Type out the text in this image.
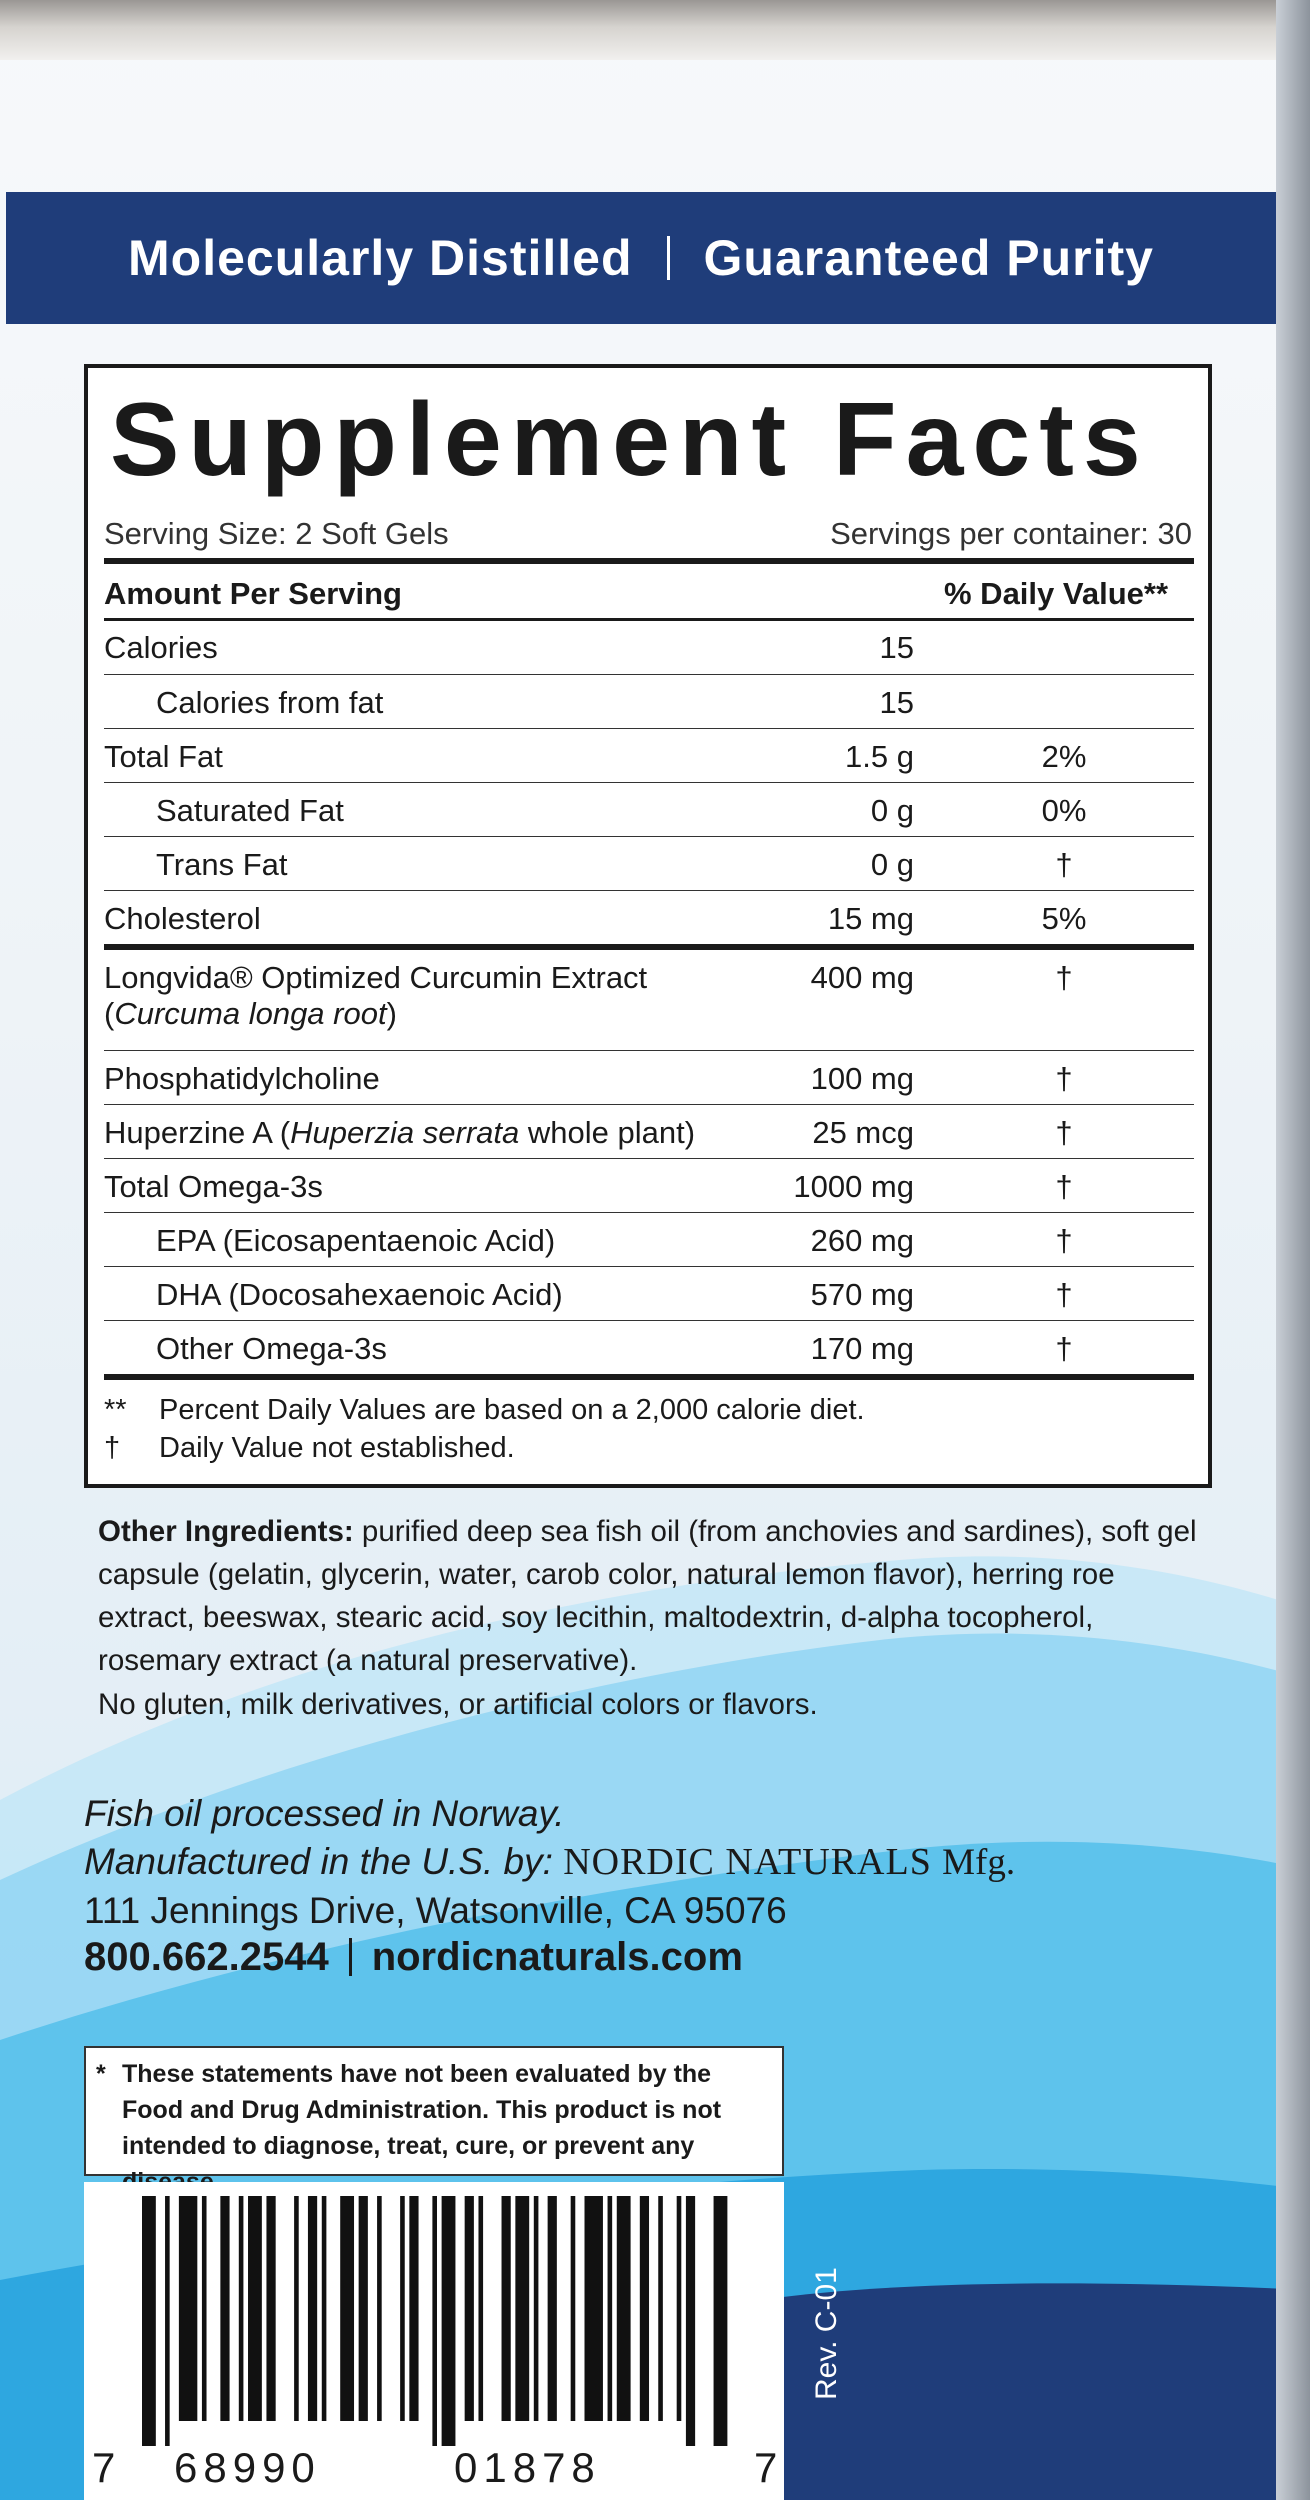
Molecularly Distilled Guaranteed Purity
Supplement Facts
Serving Size: 2 Soft Gels	Servings per container: 30
Amount Per Serving	% Daily Value**
Calories	15
Calories from fat	15
Total Fat	1.5 g	2%
Saturated Fat	0 g	0%
Trans Fat	0 g	†
Cholesterol	15 mg	5%
Longvida® Optimized Curcumin Extract
(Curcuma longa root)
400 mg	†
Phosphatidylcholine	100 mg	†
Huperzine A (Huperzia serrata whole plant)	25 mcg	†
Total Omega-3s	1000 mg	†
EPA (Eicosapentaenoic Acid)	260 mg	†
DHA (Docosahexaenoic Acid)	570 mg	†
Other Omega-3s	170 mg	†
** Percent Daily Values are based on a 2,000 calorie diet.
† Daily Value not established.
Other Ingredients: purified deep sea fish oil (from anchovies and sardines), soft gel capsule (gelatin, glycerin, water, carob color, natural lemon flavor), herring roe extract, beeswax, stearic acid, soy lecithin, maltodextrin, d-alpha tocopherol, rosemary extract (a natural preservative).
No gluten, milk derivatives, or artificial colors or flavors.
Fish oil processed in Norway.
Manufactured in the U.S. by: NORDIC NATURALS Mfg.
111 Jennings Drive, Watsonville, CA 95076
800.662.2544 nordicnaturals.com
* These statements have not been evaluated by the Food and Drug Administration. This product is not intended to diagnose, treat, cure, or prevent any
7 68990	01878	7
Rev. C-01
